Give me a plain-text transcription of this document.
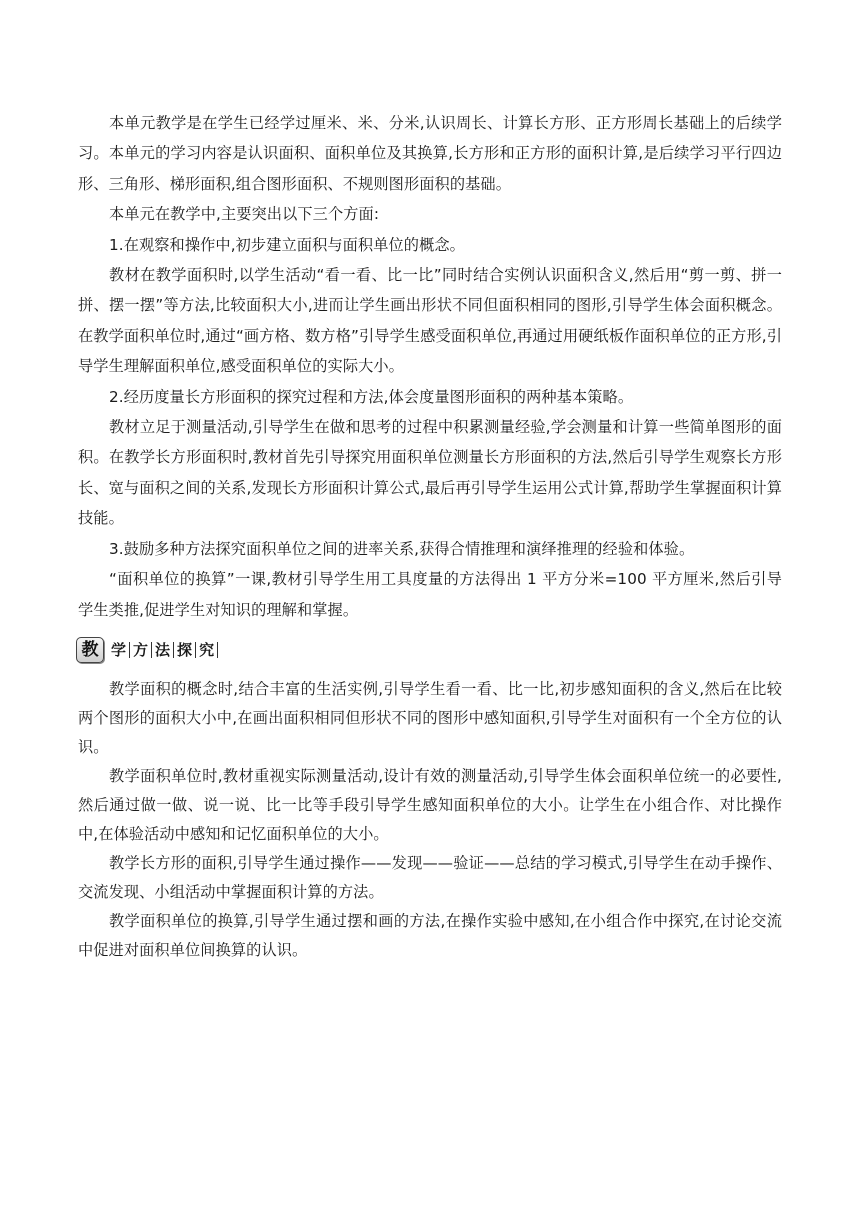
本单元教学是在学生已经学过厘米、米、分米,认识周长、计算长方形、正方形周长基础上的后续学习。本单元的学习内容是认识面积、面积单位及其换算,长方形和正方形的面积计算,是后续学习平行四边形、三角形、梯形面积,组合图形面积、不规则图形面积的基础。

本单元在教学中,主要突出以下三个方面:

1.在观察和操作中,初步建立面积与面积单位的概念。

教材在教学面积时,以学生活动“看一看、比一比”同时结合实例认识面积含义,然后用“剪一剪、拼一拼、摆一摆”等方法,比较面积大小,进而让学生画出形状不同但面积相同的图形,引导学生体会面积概念。在教学面积单位时,通过“画方格、数方格”引导学生感受面积单位,再通过用硬纸板作面积单位的正方形,引导学生理解面积单位,感受面积单位的实际大小。

2.经历度量长方形面积的探究过程和方法,体会度量图形面积的两种基本策略。

教材立足于测量活动,引导学生在做和思考的过程中积累测量经验,学会测量和计算一些简单图形的面积。在教学长方形面积时,教材首先引导探究用面积单位测量长方形面积的方法,然后引导学生观察长方形长、宽与面积之间的关系,发现长方形面积计算公式,最后再引导学生运用公式计算,帮助学生掌握面积计算技能。

3.鼓励多种方法探究面积单位之间的进率关系,获得合情推理和演绎推理的经验和体验。

“面积单位的换算”一课,教材引导学生用工具度量的方法得出 1 平方分米=100 平方厘米,然后引导学生类推,促进学生对知识的理解和掌握。

教 学 方 法 探 究

教学面积的概念时,结合丰富的生活实例,引导学生看一看、比一比,初步感知面积的含义,然后在比较两个图形的面积大小中,在画出面积相同但形状不同的图形中感知面积,引导学生对面积有一个全方位的认识。

教学面积单位时,教材重视实际测量活动,设计有效的测量活动,引导学生体会面积单位统一的必要性,然后通过做一做、说一说、比一比等手段引导学生感知面积单位的大小。让学生在小组合作、对比操作中,在体验活动中感知和记忆面积单位的大小。

教学长方形的面积,引导学生通过操作——发现——验证——总结的学习模式,引导学生在动手操作、交流发现、小组活动中掌握面积计算的方法。

教学面积单位的换算,引导学生通过摆和画的方法,在操作实验中感知,在小组合作中探究,在讨论交流中促进对面积单位间换算的认识。
